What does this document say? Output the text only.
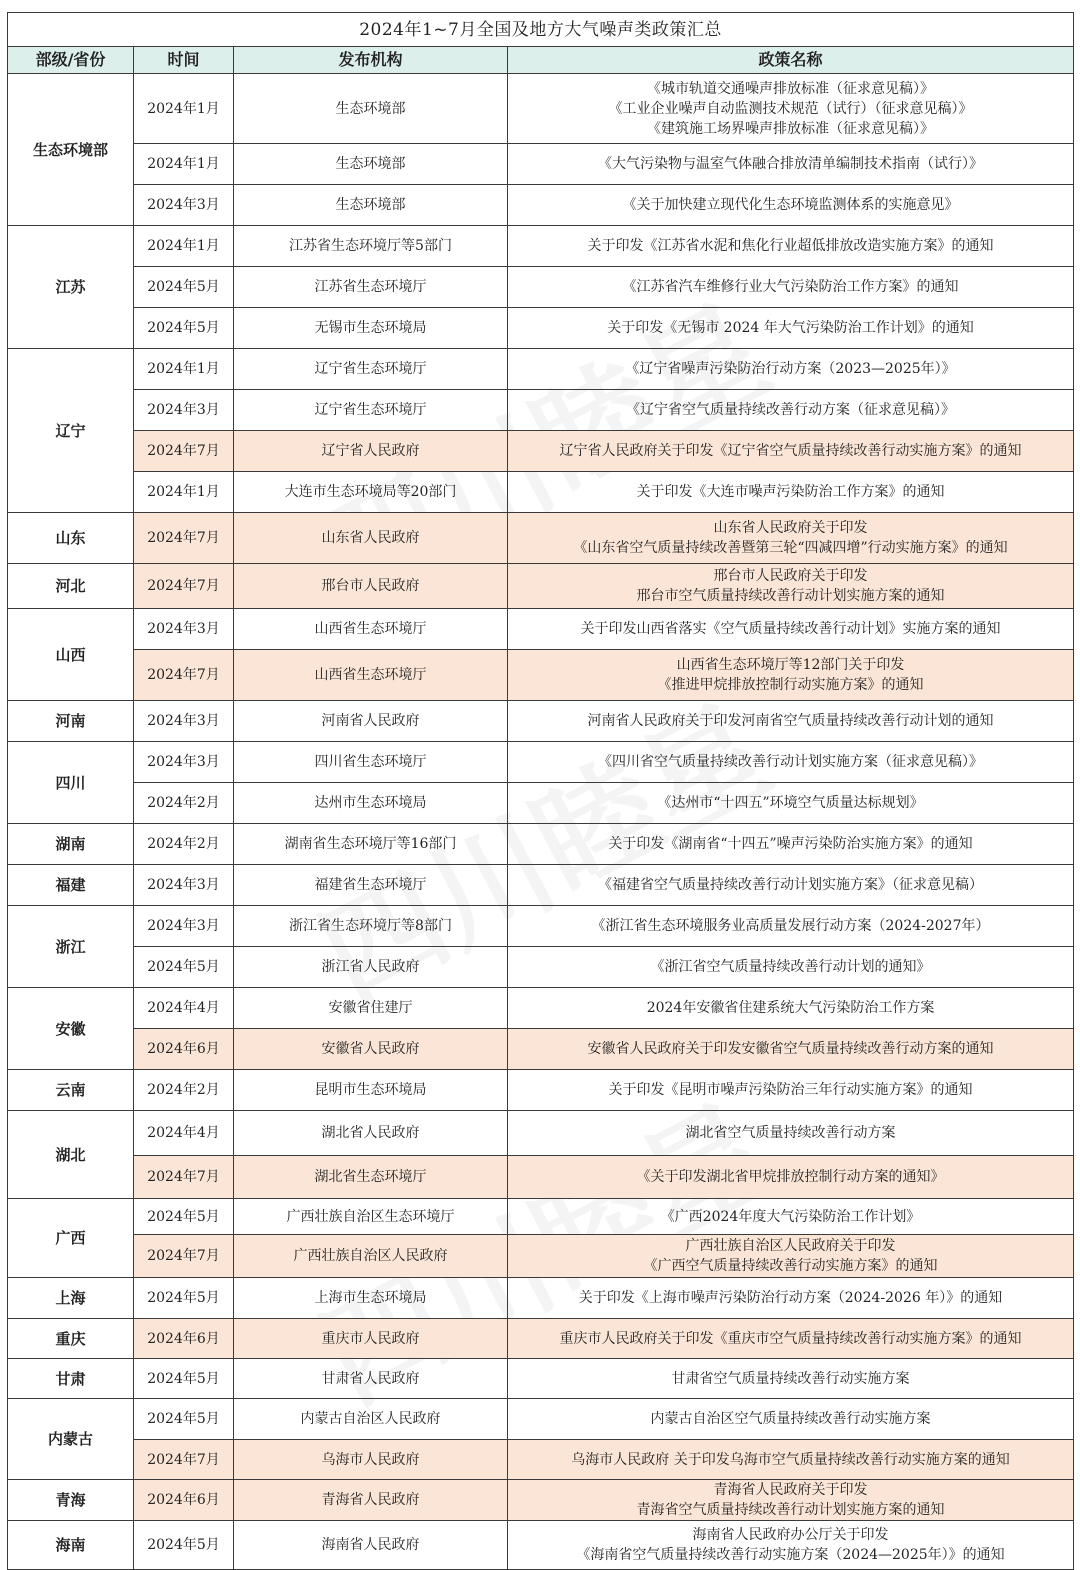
2024年1~7月全国及地方大气噪声类政策汇总			
部级/省份	时间	发布机构	政策名称
生态环境部	2024年1月	生态环境部	《城市轨道交通噪声排放标准（征求意见稿）》
《工业企业噪声自动监测技术规范（试行）（征求意见稿）》
《建筑施工场界噪声排放标准（征求意见稿）》

	2024年1月	生态环境部	《大气污染物与温室气体融合排放清单编制技术指南（试行）》

	2024年3月	生态环境部	《关于加快建立现代化生态环境监测体系的实施意见》

江苏	2024年1月	江苏省生态环境厅等5部门	关于印发《江苏省水泥和焦化行业超低排放改造实施方案》的通知

	2024年5月	江苏省生态环境厅	《江苏省汽车维修行业大气污染防治工作方案》的通知

	2024年5月	无锡市生态环境局	关于印发《无锡市 2024 年大气污染防治工作计划》的通知

辽宁	2024年1月	辽宁省生态环境厅	《辽宁省噪声污染防治行动方案（2023—2025年）》

	2024年3月	辽宁省生态环境厅	《辽宁省空气质量持续改善行动方案（征求意见稿）》

	2024年7月	辽宁省人民政府	辽宁省人民政府关于印发《辽宁省空气质量持续改善行动实施方案》的通知

	2024年1月	大连市生态环境局等20部门	关于印发《大连市噪声污染防治工作方案》的通知

山东	2024年7月	山东省人民政府	山东省人民政府关于印发
《山东省空气质量持续改善暨第三轮“四减四增”行动实施方案》的通知

河北	2024年7月	邢台市人民政府	邢台市人民政府关于印发
邢台市空气质量持续改善行动计划实施方案的通知

山西	2024年3月	山西省生态环境厅	关于印发山西省落实《空气质量持续改善行动计划》实施方案的通知

	2024年7月	山西省生态环境厅	山西省生态环境厅等12部门关于印发
《推进甲烷排放控制行动实施方案》的通知

河南	2024年3月	河南省人民政府	河南省人民政府关于印发河南省空气质量持续改善行动计划的通知

四川	2024年3月	四川省生态环境厅	《四川省空气质量持续改善行动计划实施方案（征求意见稿）》

	2024年2月	达州市生态环境局	《达州市“十四五”环境空气质量达标规划》

湖南	2024年2月	湖南省生态环境厅等16部门	关于印发《湖南省“十四五”噪声污染防治实施方案》的通知

福建	2024年3月	福建省生态环境厅	《福建省空气质量持续改善行动计划实施方案》（征求意见稿）

浙江	2024年3月	浙江省生态环境厅等8部门	《浙江省生态环境服务业高质量发展行动方案（2024-2027年）

	2024年5月	浙江省人民政府	《浙江省空气质量持续改善行动计划的通知》

安徽	2024年4月	安徽省住建厅	2024年安徽省住建系统大气污染防治工作方案

	2024年6月	安徽省人民政府	安徽省人民政府关于印发安徽省空气质量持续改善行动方案的通知

云南	2024年2月	昆明市生态环境局	关于印发《昆明市噪声污染防治三年行动实施方案》的通知

湖北	2024年4月	湖北省人民政府	湖北省空气质量持续改善行动方案

	2024年7月	湖北省生态环境厅	《关于印发湖北省甲烷排放控制行动方案的通知》

广西	2024年5月	广西壮族自治区生态环境厅	《广西2024年度大气污染防治工作计划》

	2024年7月	广西壮族自治区人民政府	广西壮族自治区人民政府关于印发
《广西空气质量持续改善行动实施方案》的通知

上海	2024年5月	上海市生态环境局	关于印发《上海市噪声污染防治行动方案（2024-2026 年）》的通知

重庆	2024年6月	重庆市人民政府	重庆市人民政府关于印发《重庆市空气质量持续改善行动实施方案》的通知

甘肃	2024年5月	甘肃省人民政府	甘肃省空气质量持续改善行动实施方案

内蒙古	2024年5月	内蒙古自治区人民政府	内蒙古自治区空气质量持续改善行动实施方案

	2024年7月	乌海市人民政府	乌海市人民政府 关于印发乌海市空气质量持续改善行动实施方案的通知

青海	2024年6月	青海省人民政府	青海省人民政府关于印发
青海省空气质量持续改善行动计划实施方案的通知

海南	2024年5月	海南省人民政府	海南省人民政府办公厅关于印发
《海南省空气质量持续改善行动实施方案（2024—2025年）》的通知
